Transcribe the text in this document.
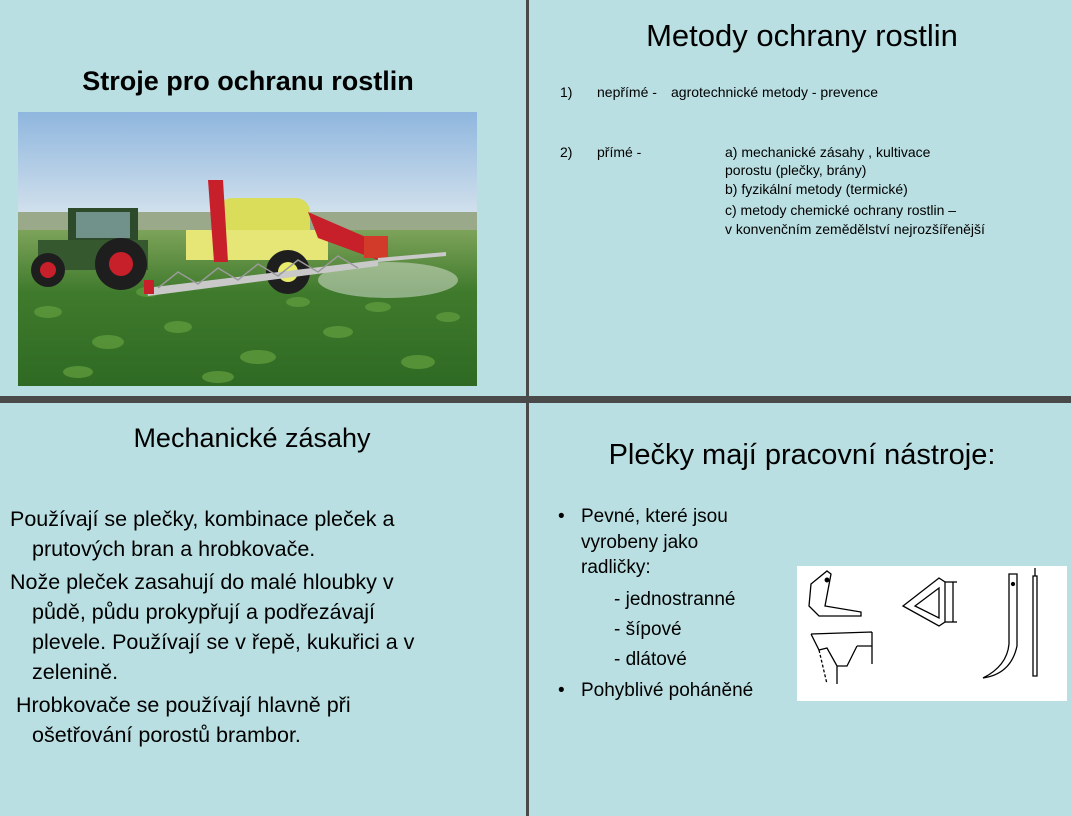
Stroje pro ochranu rostlin
Metody ochrany rostlin
1) nepřímé - agrotechnické metody - prevence
2) přímé -	a) mechanické zásahy , kultivace
porostu (plečky, brány)
b) fyzikální metody (termické)
c) metody chemické ochrany rostlin –
v konvenčním zemědělství nejrozšířenější
Mechanické zásahy
Používají se plečky, kombinace pleček a
prutových bran a hrobkovače.
Nože pleček zasahují do malé hloubky v
půdě, půdu prokypřují a podřezávají
plevele. Používají se v řepě, kukuřici a v
zelenině.
Hrobkovače se používají hlavně při
ošetřování porostů brambor.
Plečky mají pracovní nástroje:
• Pevné, které jsou
vyrobeny jako
radličky:
- jednostranné
- šípové
- dlátové
• Pohyblivé poháněné
